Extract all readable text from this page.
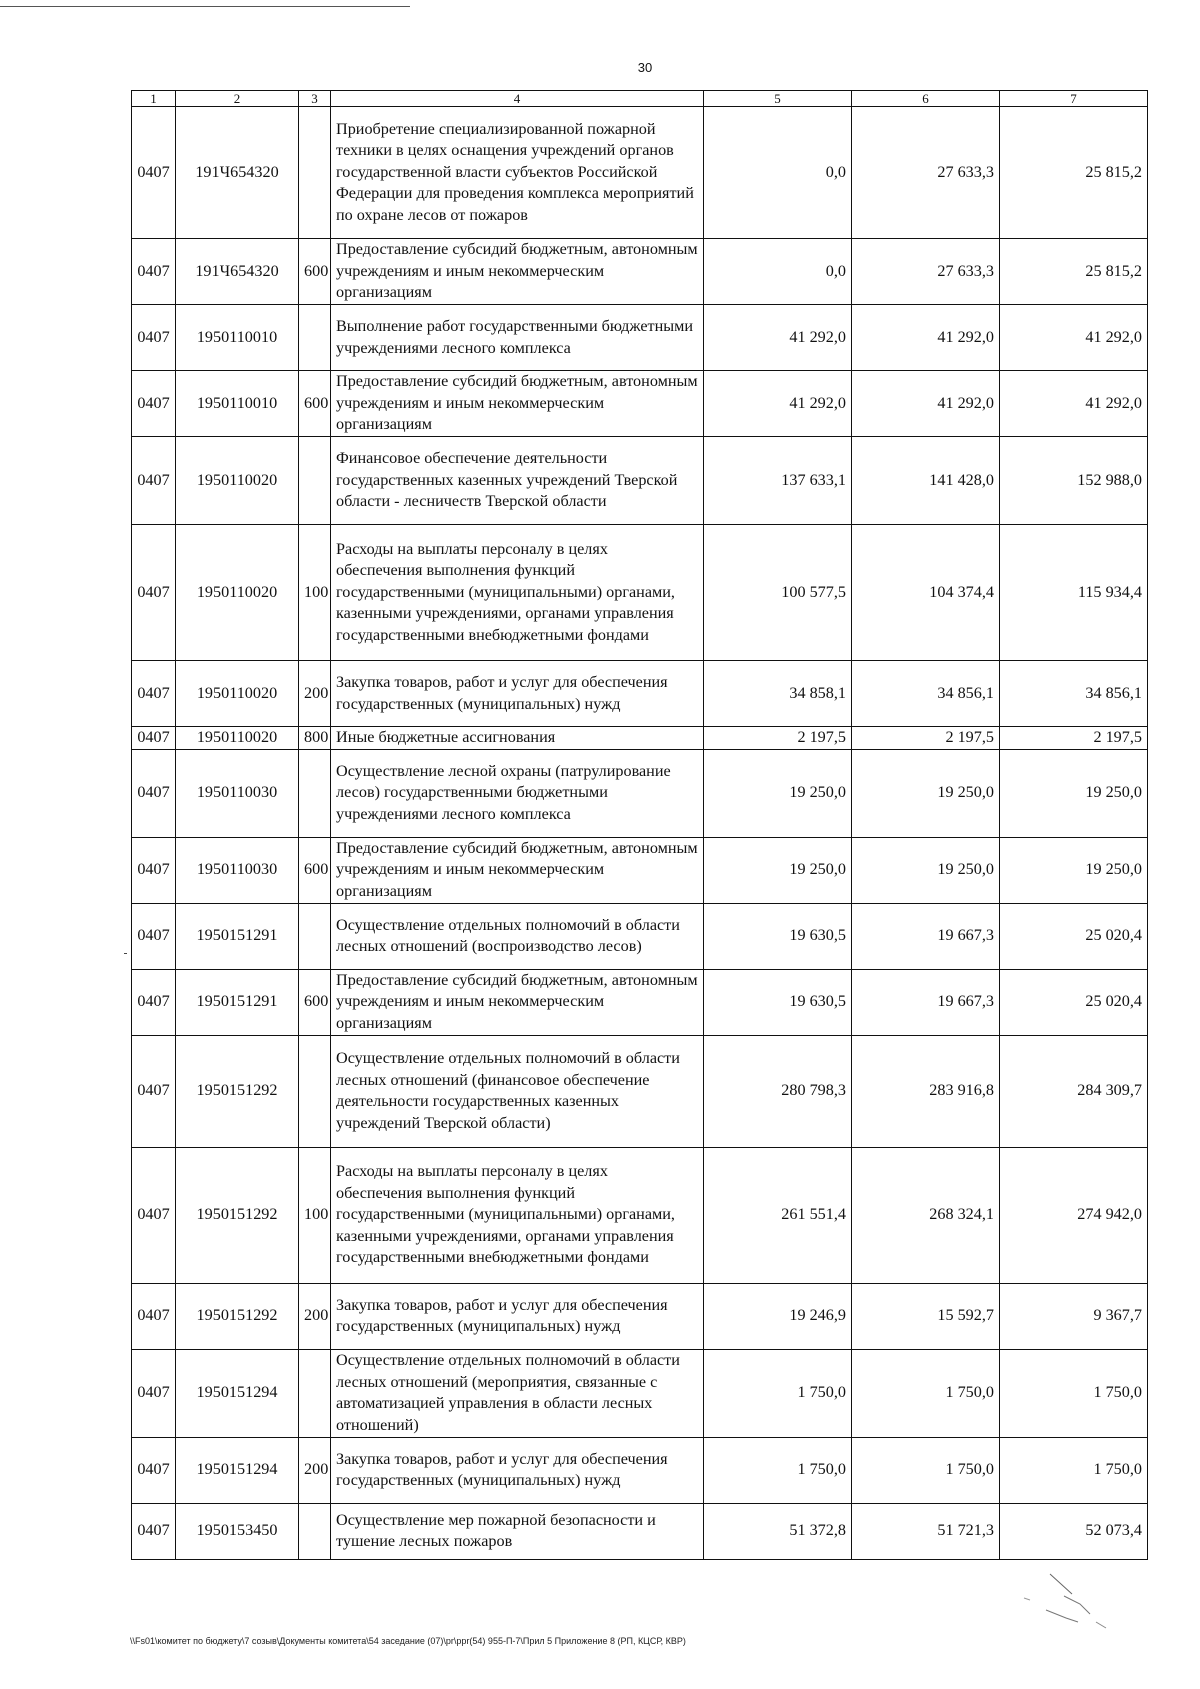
30
1	2	3	4	5	6	7
0407	191Ч654320		Приобретение специализированной пожарной техники в целях оснащения учреждений органов государственной власти субъектов Российской Федерации для проведения комплекса мероприятий по охране лесов от пожаров	0,0	27 633,3	25 815,2
0407	191Ч654320	600	Предоставление субсидий бюджетным, автономным учреждениям и иным некоммерческим организациям	0,0	27 633,3	25 815,2
0407	1950110010		Выполнение работ государственными бюджетными учреждениями лесного комплекса	41 292,0	41 292,0	41 292,0
0407	1950110010	600	Предоставление субсидий бюджетным, автономным учреждениям и иным некоммерческим организациям	41 292,0	41 292,0	41 292,0
0407	1950110020		Финансовое обеспечение деятельности государственных казенных учреждений Тверской области - лесничеств Тверской области	137 633,1	141 428,0	152 988,0
0407	1950110020	100	Расходы на выплаты персоналу в целях обеспечения выполнения функций государственными (муниципальными) органами, казенными учреждениями, органами управления государственными внебюджетными фондами	100 577,5	104 374,4	115 934,4
0407	1950110020	200	Закупка товаров, работ и услуг для обеспечения государственных (муниципальных) нужд	34 858,1	34 856,1	34 856,1
0407	1950110020	800	Иные бюджетные ассигнования	2 197,5	2 197,5	2 197,5
0407	1950110030		Осуществление лесной охраны (патрулирование лесов) государственными бюджетными учреждениями лесного комплекса	19 250,0	19 250,0	19 250,0
0407	1950110030	600	Предоставление субсидий бюджетным, автономным учреждениям и иным некоммерческим организациям	19 250,0	19 250,0	19 250,0
0407	1950151291		Осуществление отдельных полномочий в области лесных отношений (воспроизводство лесов)	19 630,5	19 667,3	25 020,4
0407	1950151291	600	Предоставление субсидий бюджетным, автономным учреждениям и иным некоммерческим организациям	19 630,5	19 667,3	25 020,4
0407	1950151292		Осуществление отдельных полномочий в области лесных отношений (финансовое обеспечение деятельности государственных казенных учреждений Тверской области)	280 798,3	283 916,8	284 309,7
0407	1950151292	100	Расходы на выплаты персоналу в целях обеспечения выполнения функций государственными (муниципальными) органами, казенными учреждениями, органами управления государственными внебюджетными фондами	261 551,4	268 324,1	274 942,0
0407	1950151292	200	Закупка товаров, работ и услуг для обеспечения государственных (муниципальных) нужд	19 246,9	15 592,7	9 367,7
0407	1950151294		Осуществление отдельных полномочий в области лесных отношений (мероприятия, связанные с автоматизацией управления в области лесных отношений)	1 750,0	1 750,0	1 750,0
0407	1950151294	200	Закупка товаров, работ и услуг для обеспечения государственных (муниципальных) нужд	1 750,0	1 750,0	1 750,0
0407	1950153450		Осуществление мер пожарной безопасности и тушение лесных пожаров	51 372,8	51 721,3	52 073,4
\\Fs01\комитет по бюджету\7 созыв\Документы комитета\54 заседание (07)\pr\ppr(54) 955-П-7\Прил 5 Приложение 8 (РП, КЦСР, КВР)
